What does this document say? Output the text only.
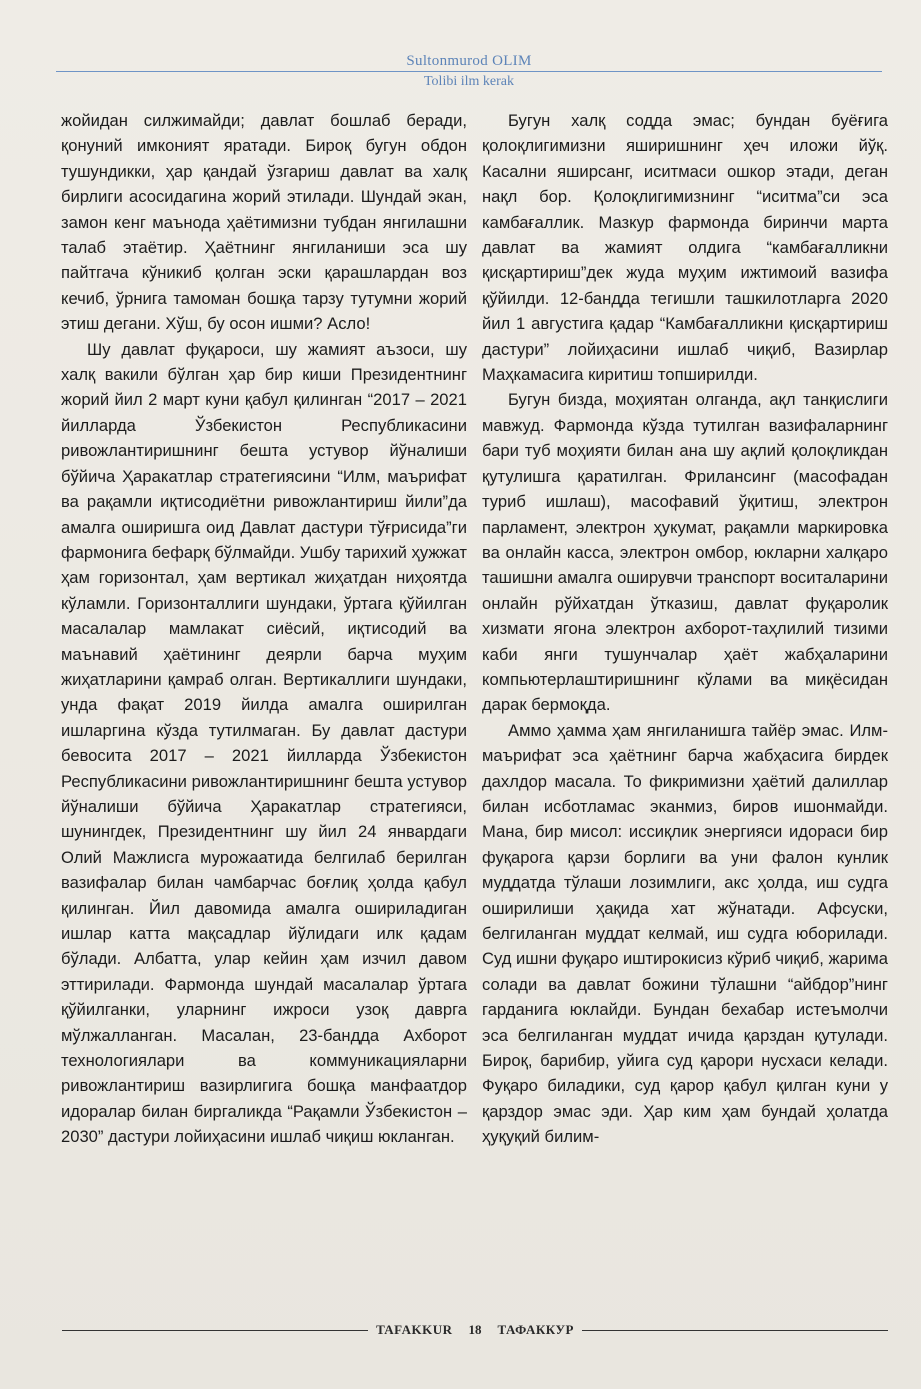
Sultonmurod OLIM
Tolibi ilm kerak

жойидан силжимайди; давлат бошлаб беради, қонуний имконият яратади. Бироқ бугун обдон тушундикки, ҳар қандай ўзгариш давлат ва халқ бирлиги асосидагина жорий этилади. Шундай экан, замон кенг маънода ҳаётимизни тубдан янгилашни талаб этаётир. Ҳаётнинг янгиланиши эса шу пайтгача кўникиб қолган эски қарашлардан воз кечиб, ўрнига тамоман бошқа тарзу тутумни жорий этиш дегани. Хўш, бу осон ишми? Асло!

Шу давлат фуқароси, шу жамият аъзоси, шу халқ вакили бўлган ҳар бир киши Президентнинг жорий йил 2 март куни қабул қилинган “2017 – 2021 йилларда Ўзбекистон Республикасини ривожлантиришнинг бешта устувор йўналиши бўйича Ҳаракатлар стратегиясини “Илм, маърифат ва рақамли иқтисодиётни ривожлантириш йили”да амалга оширишга оид Давлат дастури тўғрисида”ги фармонига бефарқ бўлмайди. Ушбу тарихий ҳужжат ҳам горизонтал, ҳам вертикал жиҳатдан ниҳоятда кўламли. Горизонталлиги шундаки, ўртага қўйилган масалалар мамлакат сиёсий, иқтисодий ва маънавий ҳаётининг деярли барча муҳим жиҳатларини қамраб олган. Вертикаллиги шундаки, унда фақат 2019 йилда амалга оширилган ишларгина кўзда тутилмаган. Бу давлат дастури бевосита 2017 – 2021 йилларда Ўзбекистон Республикасини ривожлантиришнинг бешта устувор йўналиши бўйича Ҳаракатлар стратегияси, шунингдек, Президентнинг шу йил 24 январдаги Олий Мажлисга мурожаатида белгилаб берилган вазифалар билан чамбарчас боғлиқ ҳолда қабул қилинган. Йил давомида амалга ошириладиган ишлар катта мақсадлар йўлидаги илк қадам бўлади. Албатта, улар кейин ҳам изчил давом эттирилади. Фармонда шундай масалалар ўртага қўйилганки, уларнинг ижроси узоқ даврга мўлжалланган. Масалан, 23-бандда Ахборот технологиялари ва коммуникацияларни ривожлантириш вазирлигига бошқа манфаатдор идоралар билан биргаликда “Рақамли Ўзбекистон – 2030” дастури лойиҳасини ишлаб чиқиш юкланган.

Бугун халқ содда эмас; бундан буёғига қолоқлигимизни яширишнинг ҳеч иложи йўқ. Касални яширсанг, иситмаси ошкор этади, деган нақл бор. Қолоқлигимизнинг “иситма”си эса камбағаллик. Мазкур фармонда биринчи марта давлат ва жамият олдига “камбағалликни қисқартириш”дек жуда муҳим ижтимоий вазифа қўйилди. 12-бандда тегишли ташкилотларга 2020 йил 1 августига қадар “Камбағалликни қисқартириш дастури” лойиҳасини ишлаб чиқиб, Вазирлар Маҳкамасига киритиш топширилди.

Бугун бизда, моҳиятан олганда, ақл танқислиги мавжуд. Фармонда кўзда тутилган вазифаларнинг бари туб моҳияти билан ана шу ақлий қолоқликдан қутулишга қаратилган. Фрилансинг (масофадан туриб ишлаш), масофавий ўқитиш, электрон парламент, электрон ҳукумат, рақамли маркировка ва онлайн касса, электрон омбор, юкларни халқаро ташишни амалга оширувчи транспорт воситаларини онлайн рўйхатдан ўтказиш, давлат фуқаролик хизмати ягона электрон ахборот-таҳлилий тизими каби янги тушунчалар ҳаёт жабҳаларини компьютерлаштиришнинг кўлами ва миқёсидан дарак бермоқда.

Аммо ҳамма ҳам янгиланишга тайёр эмас. Илм-маърифат эса ҳаётнинг барча жабҳасига бирдек дахлдор масала. То фикримизни ҳаётий далиллар билан исботламас эканмиз, биров ишонмайди. Мана, бир мисол: иссиқлик энергияси идораси бир фуқарога қарзи борлиги ва уни фалон кунлик муддатда тўлаши лозимлиги, акс ҳолда, иш судга оширилиши ҳақида хат жўнатади. Афсуски, белгиланган муддат келмай, иш судга юборилади. Суд ишни фуқаро иштирокисиз кўриб чиқиб, жарима солади ва давлат божини тўлашни “айбдор”нинг гарданига юклайди. Бундан бехабар истеъмолчи эса белгиланган муддат ичида қарздан қутулади. Бироқ, барибир, уйига суд қарори нусхаси келади. Фуқаро биладики, суд қарор қабул қилган куни у қарздор эмас эди. Ҳар ким ҳам бундай ҳолатда ҳуқуқий билим-

TAFAKKUR	18	ТАФАККУР
